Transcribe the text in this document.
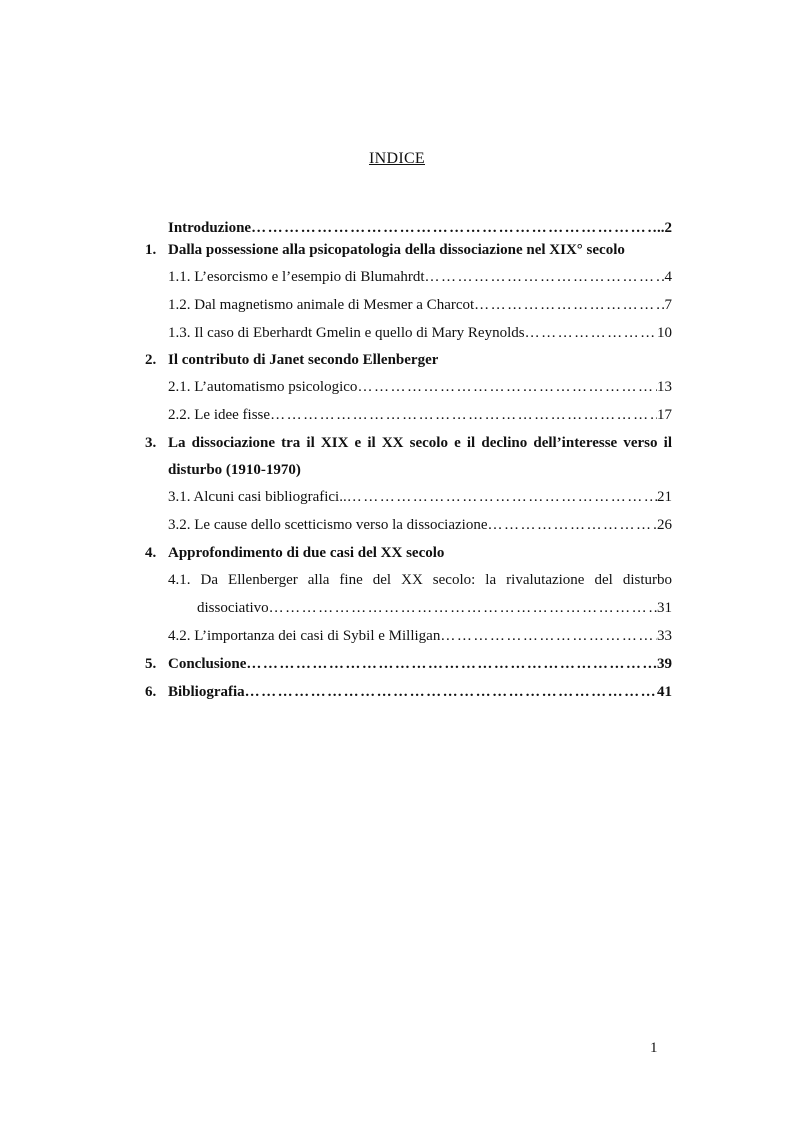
INDICE
Introduzione …………………………………………………………………………………………………………………………………………………………………	..2
1. Dalla possessione alla psicopatologia della dissociazione nel XIX° secolo
1.1. L’esorcismo e l’esempio di Blumahrdt …………………………………………………………………………………………………………………………………………………………………	4
1.2. Dal magnetismo animale di Mesmer a Charcot …………………………………………………………………………………………………………………………………………………………………	7
1.3. Il caso di Eberhardt Gmelin e quello di Mary Reynolds …………………………………………………………………………………………………………………………………………………………………	10
2. Il contributo di Janet secondo Ellenberger
2.1. L’automatismo psicologico …………………………………………………………………………………………………………………………………………………………………	13
2.2. Le idee fisse …………………………………………………………………………………………………………………………………………………………………	17
3. La dissociazione tra il XIX e il XX secolo e il declino dell’interesse verso il
disturbo (1910-1970)
3.1. Alcuni casi bibliografici.. …………………………………………………………………………………………………………………………………………………………………	21
3.2. Le cause dello scetticismo verso la dissociazione …………………………………………………………………………………………………………………………………………………………………	26
4. Approfondimento di due casi del XX secolo
4.1. Da Ellenberger alla fine del XX secolo: la rivalutazione del disturbo
dissociativo …………………………………………………………………………………………………………………………………………………………………	31
4.2. L’importanza dei casi di Sybil e Milligan …………………………………………………………………………………………………………………………………………………………………	33
5. Conclusione …………………………………………………………………………………………………………………………………………………………………	39
6. Bibliografia …………………………………………………………………………………………………………………………………………………………………	41
1
